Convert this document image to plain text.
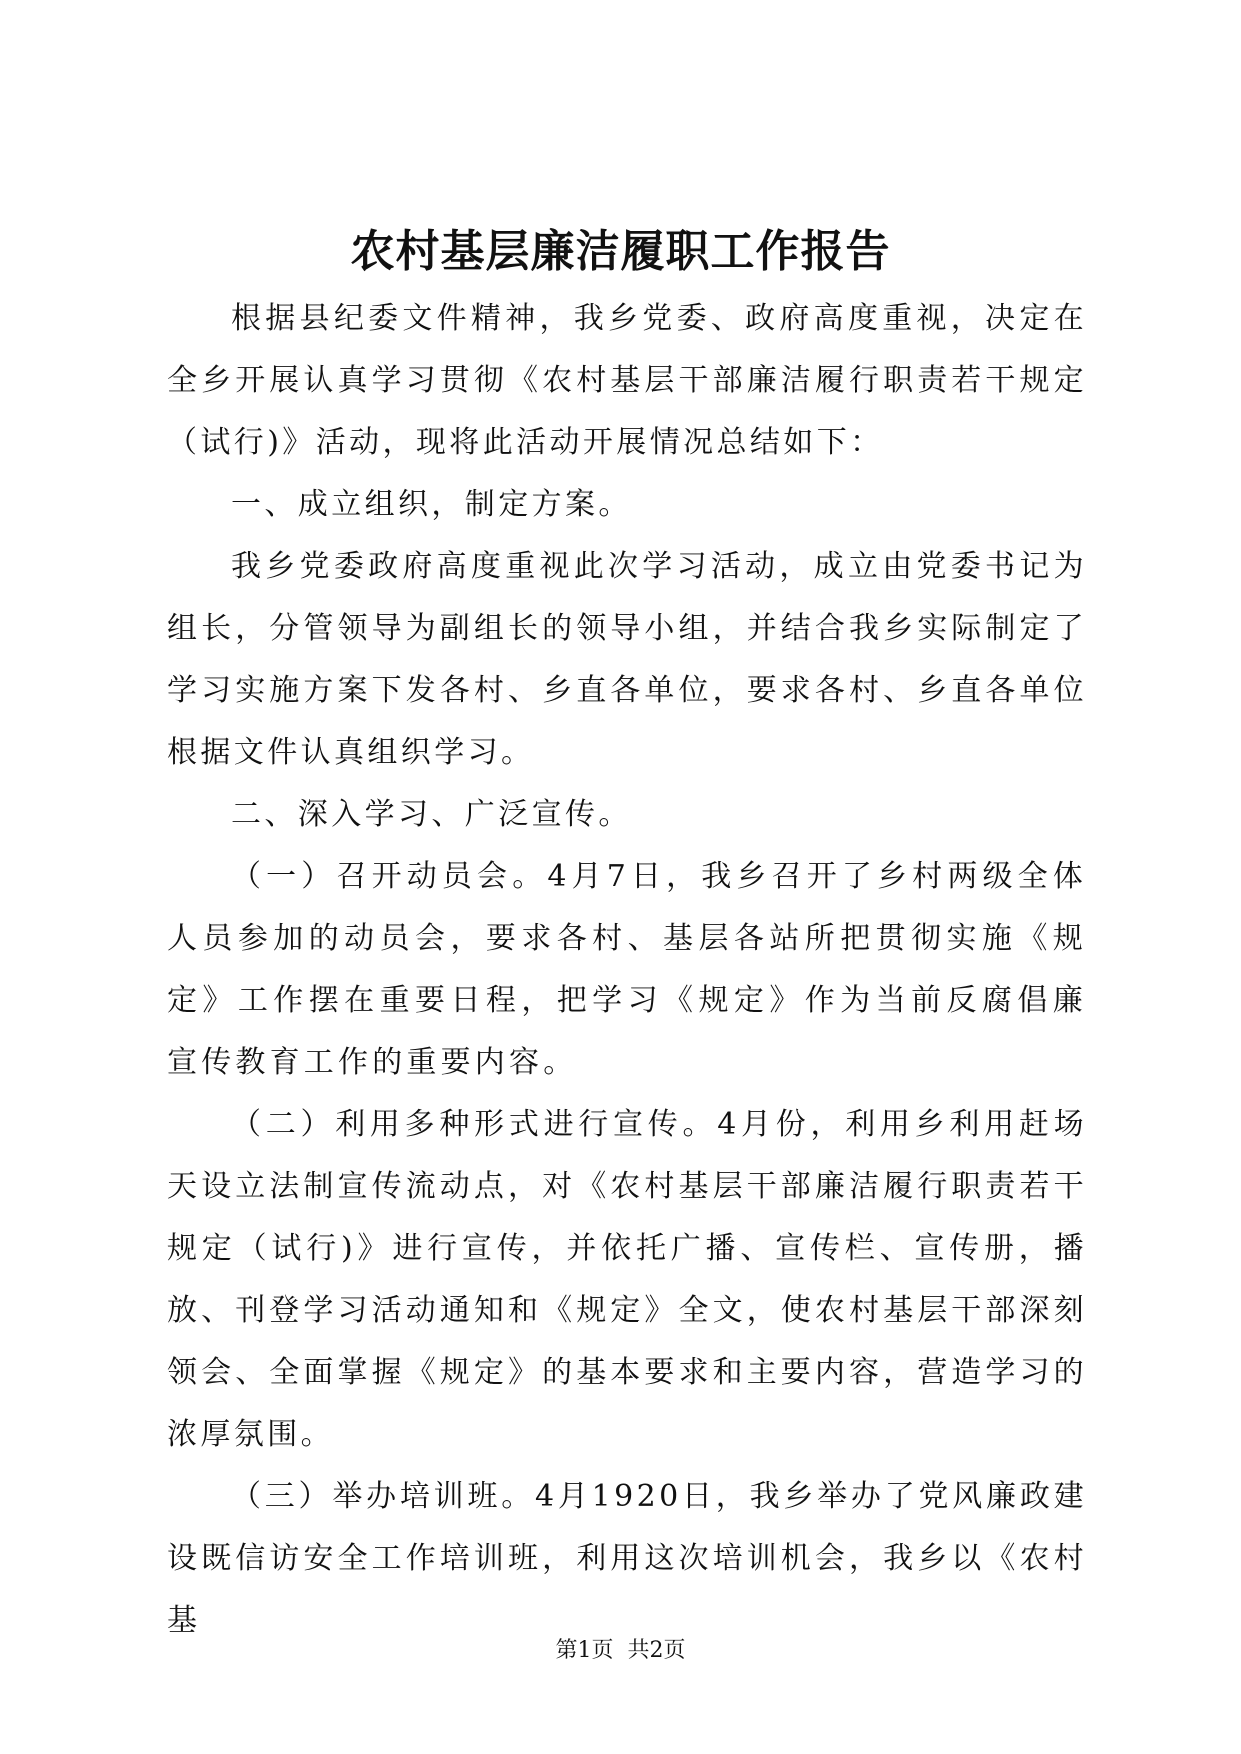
农村基层廉洁履职工作报告

根据县纪委文件精神，我乡党委、政府高度重视，决定在全乡开展认真学习贯彻《农村基层干部廉洁履行职责若干规定（试行)》活动，现将此活动开展情况总结如下：

一、成立组织，制定方案。

我乡党委政府高度重视此次学习活动，成立由党委书记为组长，分管领导为副组长的领导小组，并结合我乡实际制定了学习实施方案下发各村、乡直各单位，要求各村、乡直各单位根据文件认真组织学习。

二、深入学习、广泛宣传。

（一）召开动员会。4月7日，我乡召开了乡村两级全体人员参加的动员会，要求各村、基层各站所把贯彻实施《规定》工作摆在重要日程，把学习《规定》作为当前反腐倡廉宣传教育工作的重要内容。

（二）利用多种形式进行宣传。4月份，利用乡利用赶场天设立法制宣传流动点，对《农村基层干部廉洁履行职责若干规定（试行)》进行宣传，并依托广播、宣传栏、宣传册，播放、刊登学习活动通知和《规定》全文，使农村基层干部深刻领会、全面掌握《规定》的基本要求和主要内容，营造学习的浓厚氛围。

（三）举办培训班。4月1920日，我乡举办了党风廉政建设既信访安全工作培训班，利用这次培训机会，我乡以《农村基

第1页 共2页
